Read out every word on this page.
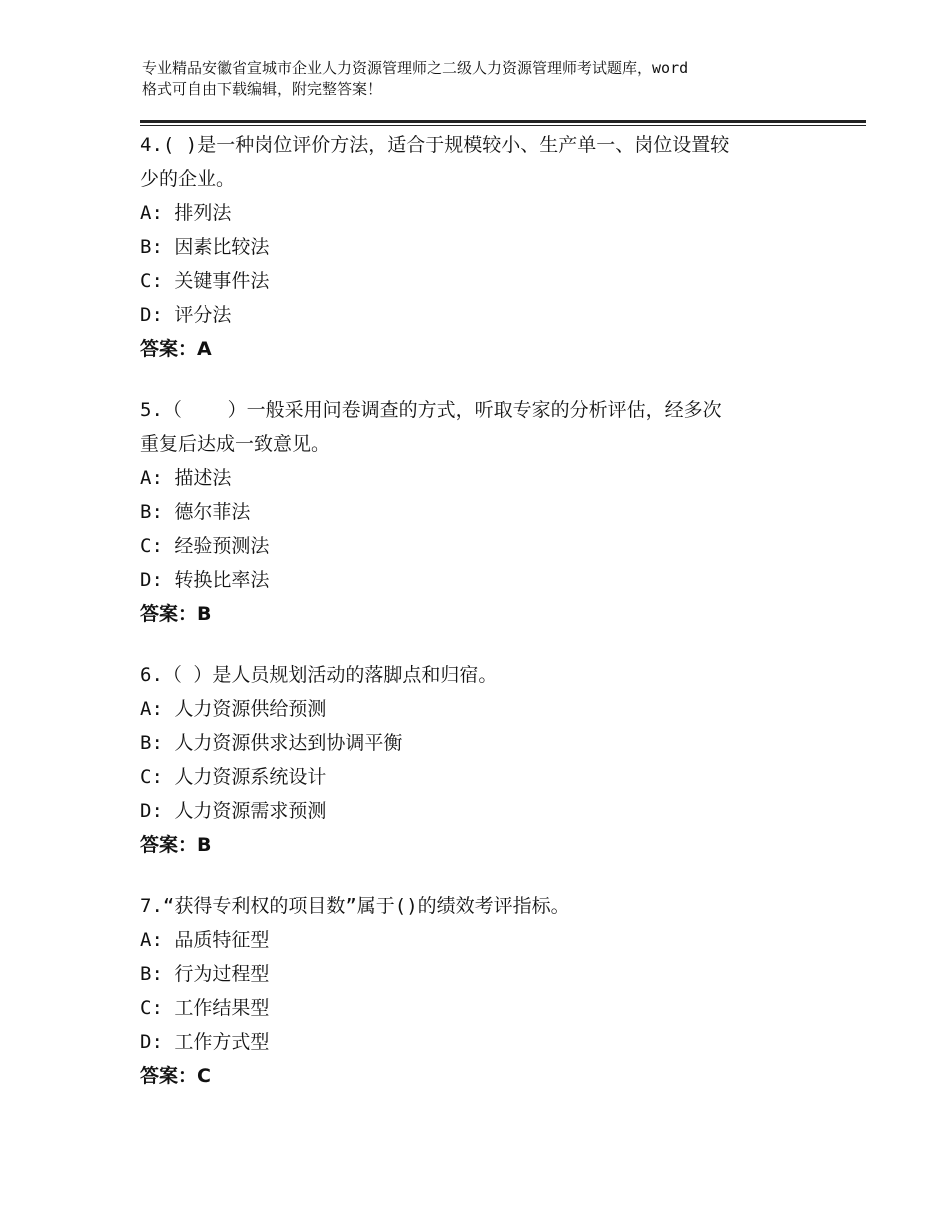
专业精品安徽省宣城市企业人力资源管理师之二级人力资源管理师考试题库，word
格式可自由下载编辑，附完整答案！
4.( )是一种岗位评价方法，适合于规模较小、生产单一、岗位设置较
少的企业。
A: 排列法
B: 因素比较法
C: 关键事件法
D: 评分法
答案：A
5.（    ）一般采用问卷调查的方式，听取专家的分析评估，经多次
重复后达成一致意见。
A: 描述法
B: 德尔菲法
C: 经验预测法
D: 转换比率法
答案：B
6.（ ）是人员规划活动的落脚点和归宿。
A: 人力资源供给预测
B: 人力资源供求达到协调平衡
C: 人力资源系统设计
D: 人力资源需求预测
答案：B
7.“获得专利权的项目数”属于()的绩效考评指标。
A: 品质特征型
B: 行为过程型
C: 工作结果型
D: 工作方式型
答案：C
